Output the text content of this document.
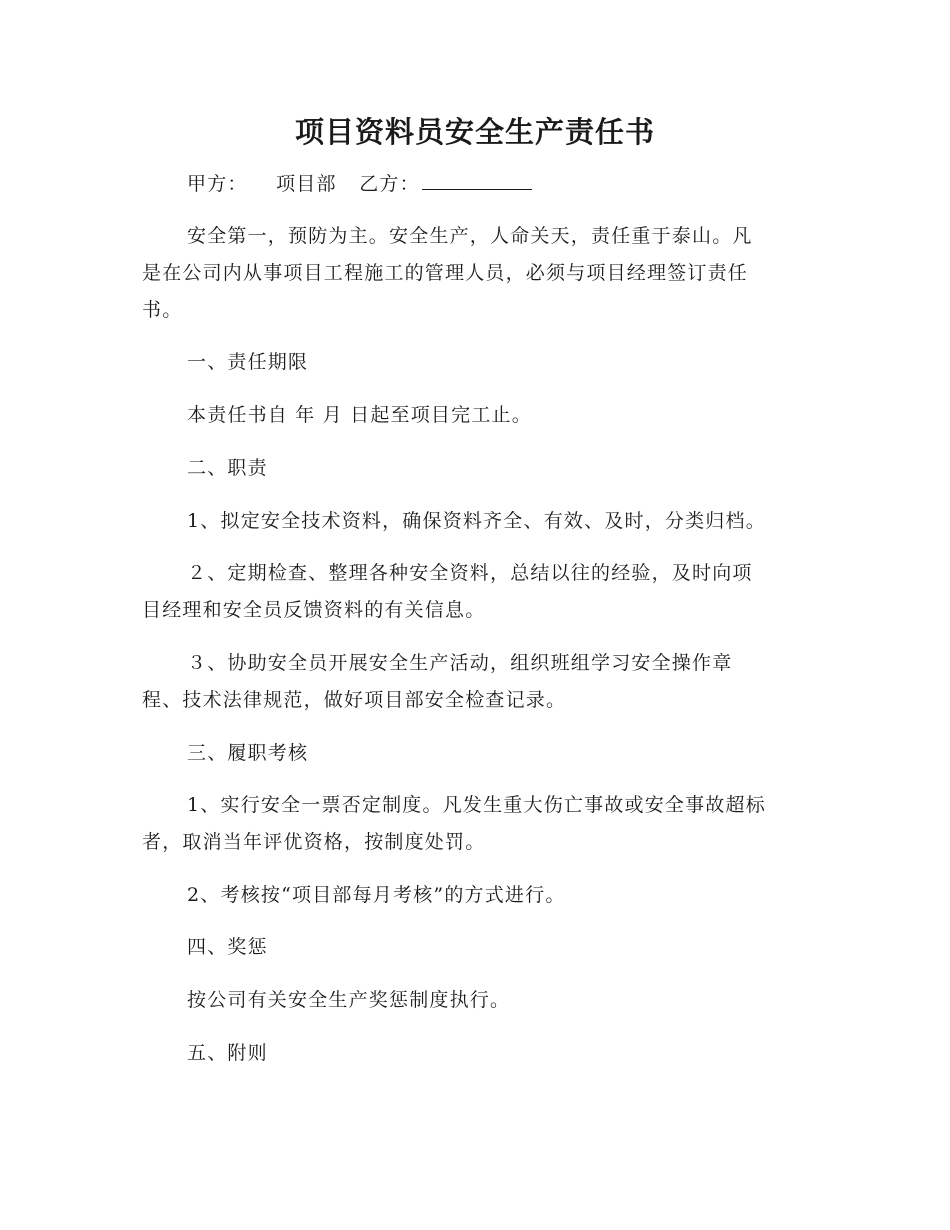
项目资料员安全生产责任书
甲方： 项目部 乙方：
安全第一，预防为主。安全生产，人命关天，责任重于泰山。凡
是在公司内从事项目工程施工的管理人员，必须与项目经理签订责任
书。
一、责任期限
本责任书自 年 月 日起至项目完工止。
二、职责
1、拟定安全技术资料，确保资料齐全、有效、及时，分类归档。
２、定期检查、整理各种安全资料，总结以往的经验，及时向项
目经理和安全员反馈资料的有关信息。
３、协助安全员开展安全生产活动，组织班组学习安全操作章
程、技术法律规范，做好项目部安全检查记录。
三、履职考核
1、实行安全一票否定制度。凡发生重大伤亡事故或安全事故超标
者，取消当年评优资格，按制度处罚。
2、考核按“项目部每月考核”的方式进行。
四、奖惩
按公司有关安全生产奖惩制度执行。
五、附则
